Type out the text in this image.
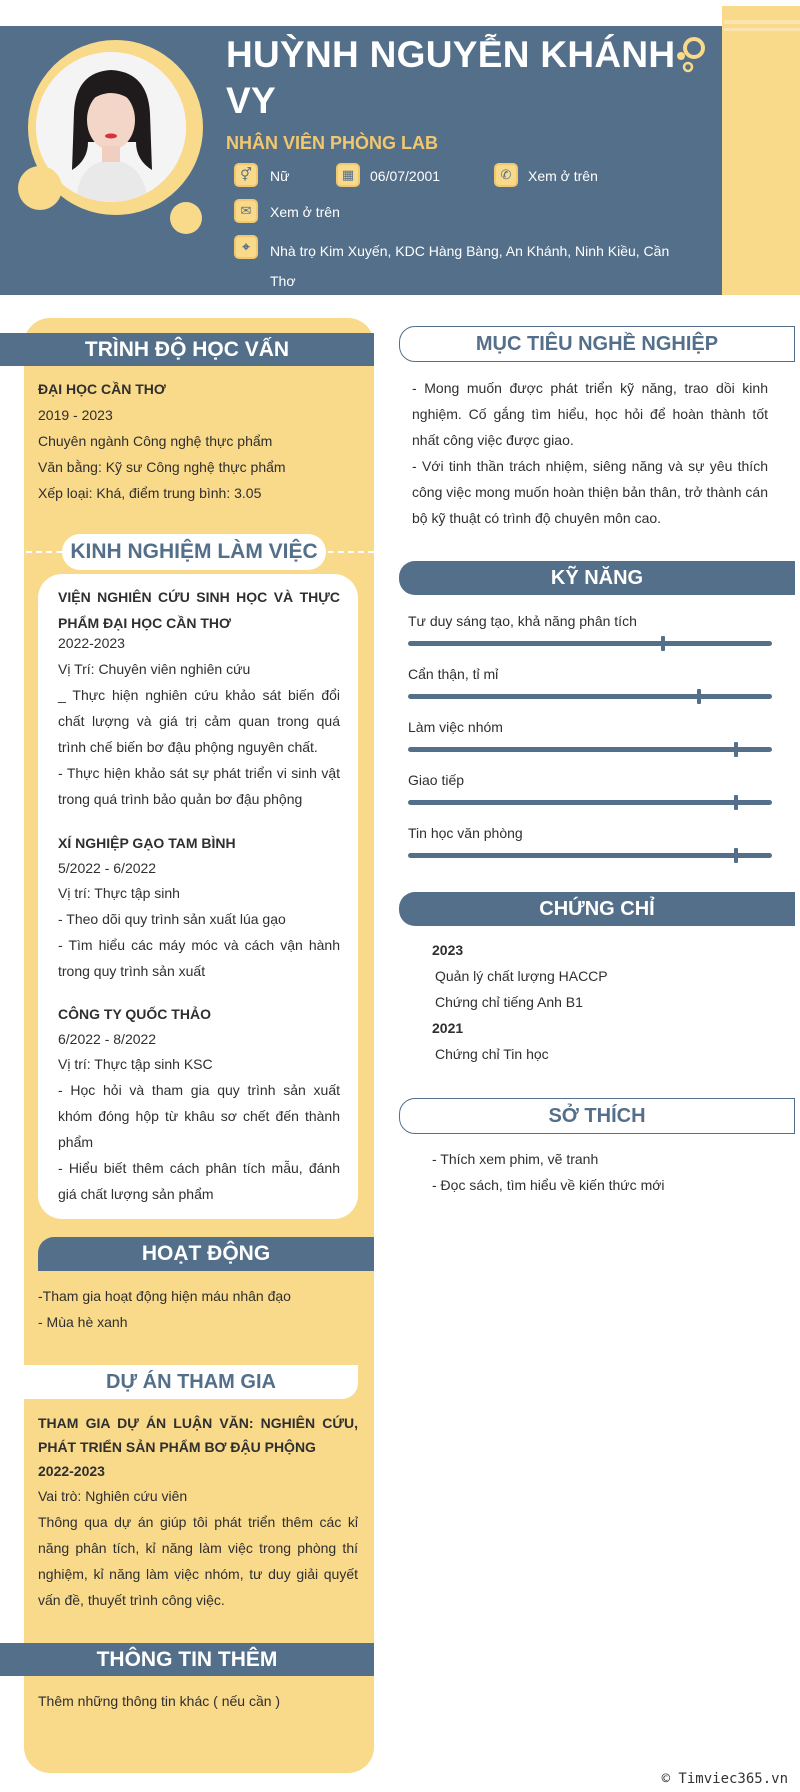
HUỲNH NGUYỄN KHÁNH VY
NHÂN VIÊN PHÒNG LAB
⚥	Nữ	▦	06/07/2001	✆	Xem ở trên
✉	Xem ở trên
⌖	Nhà trọ Kim Xuyến, KDC Hàng Bàng, An Khánh, Ninh Kiều, Cần Thơ
TRÌNH ĐỘ HỌC VẤN
ĐẠI HỌC CẦN THƠ
2019 - 2023
Chuyên ngành Công nghệ thực phẩm
Văn bằng: Kỹ sư Công nghệ thực phẩm
Xếp loại: Khá, điểm trung bình: 3.05
KINH NGHIỆM LÀM VIỆC
VIỆN NGHIÊN CỨU SINH HỌC VÀ THỰC PHẨM ĐẠI HỌC CẦN THƠ
2022-2023
Vị Trí: Chuyên viên nghiên cứu
_ Thực hiện nghiên cứu khảo sát biến đổi chất lượng và giá trị cảm quan trong quá trình chế biến bơ đậu phộng nguyên chất.
- Thực hiện khảo sát sự phát triển vi sinh vật trong quá trình bảo quản bơ đậu phộng
XÍ NGHIỆP GẠO TAM BÌNH
5/2022 - 6/2022
Vị trí: Thực tập sinh
- Theo dõi quy trình sản xuất lúa gạo
- Tìm hiểu các máy móc và cách vận hành trong quy trình sản xuất
CÔNG TY QUỐC THẢO
6/2022 - 8/2022
Vị trí: Thực tập sinh KSC
- Học hỏi và tham gia quy trình sản xuất khóm đóng hộp từ khâu sơ chết đến thành phẩm
- Hiểu biết thêm cách phân tích mẫu, đánh giá chất lượng sản phẩm
HOẠT ĐỘNG
-Tham gia hoạt động hiện máu nhân đạo
- Mùa hè xanh
DỰ ÁN THAM GIA
THAM GIA DỰ ÁN LUẬN VĂN: NGHIÊN CỨU, PHÁT TRIỂN SẢN PHẨM BƠ ĐẬU PHỘNG
2022-2023
Vai trò: Nghiên cứu viên
Thông qua dự án giúp tôi phát triển thêm các kỉ năng phân tích, kỉ năng làm việc trong phòng thí nghiệm, kỉ năng làm việc nhóm, tư duy giải quyết vấn đề, thuyết trình công việc.
THÔNG TIN THÊM
Thêm những thông tin khác ( nếu cần )
MỤC TIÊU NGHỀ NGHIỆP
- Mong muốn được phát triển kỹ năng, trao dồi kinh nghiệm. Cố gắng tìm hiểu, học hỏi để hoàn thành tốt nhất công việc được giao.
- Với tinh thần trách nhiệm, siêng năng và sự yêu thích công việc mong muốn hoàn thiện bản thân, trở thành cán bộ kỹ thuật có trình độ chuyên môn cao.
KỸ NĂNG
Tư duy sáng tạo, khả năng phân tích
Cẩn thận, tỉ mỉ
Làm việc nhóm
Giao tiếp
Tin học văn phòng
CHỨNG CHỈ
2023
Quản lý chất lượng HACCP
Chứng chỉ tiếng Anh B1
2021
Chứng chỉ Tin học
SỞ THÍCH
- Thích xem phim, vẽ tranh
- Đọc sách, tìm hiểu về kiến thức mới
© Timviec365.vn
